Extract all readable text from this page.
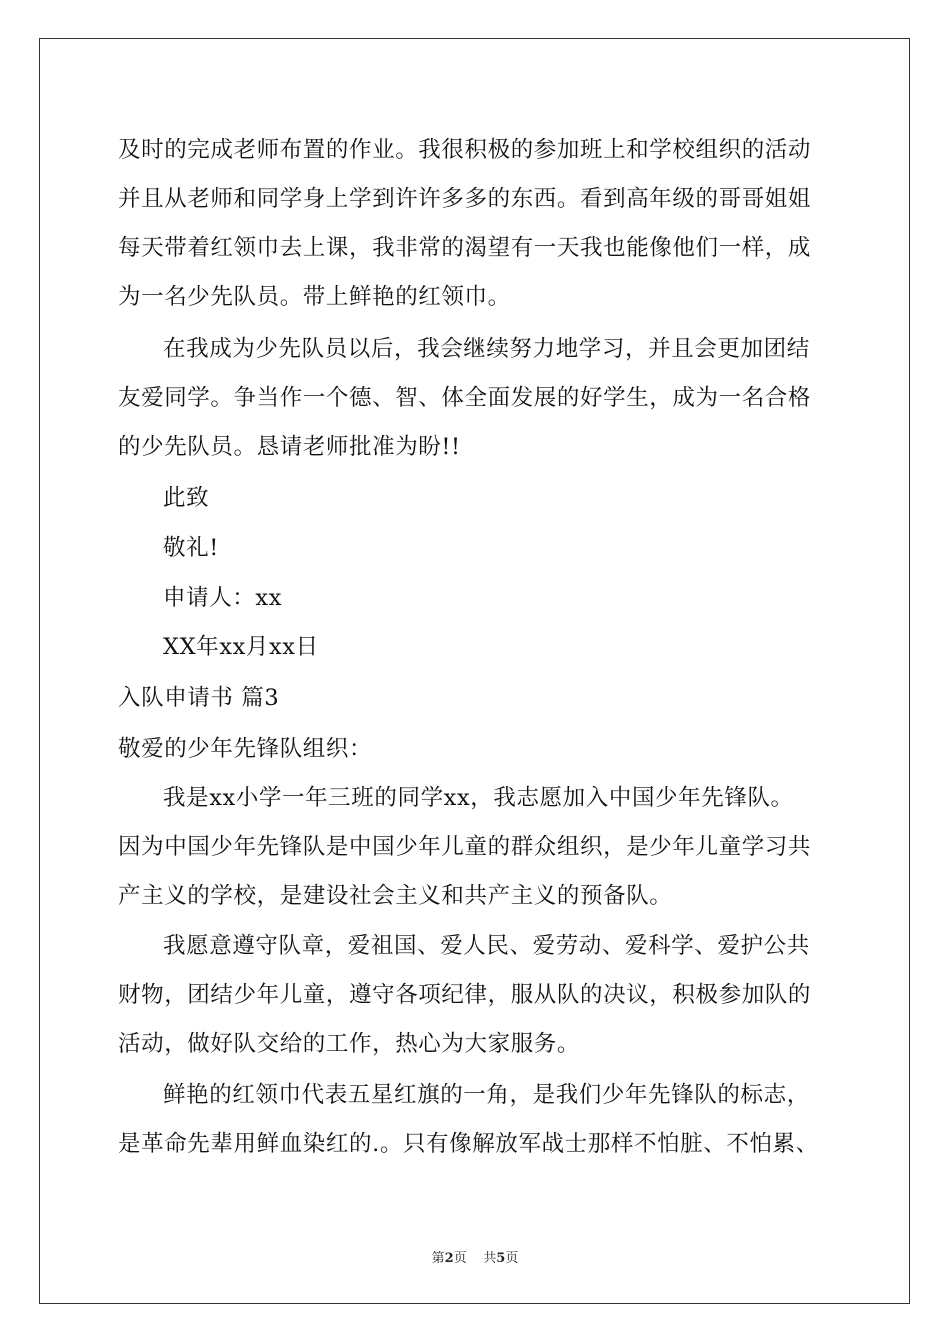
及时的完成老师布置的作业。我很积极的参加班上和学校组织的活动
并且从老师和同学身上学到许许多多的东西。看到高年级的哥哥姐姐
每天带着红领巾去上课，我非常的渴望有一天我也能像他们一样，成
为一名少先队员。带上鲜艳的红领巾。
在我成为少先队员以后，我会继续努力地学习，并且会更加团结
友爱同学。争当作一个德、智、体全面发展的好学生，成为一名合格
的少先队员。恳请老师批准为盼!!
此致
敬礼!
申请人：xx
XX年xx月xx日
入队申请书 篇3
敬爱的少年先锋队组织：
我是xx小学一年三班的同学xx，我志愿加入中国少年先锋队。
因为中国少年先锋队是中国少年儿童的群众组织，是少年儿童学习共
产主义的学校，是建设社会主义和共产主义的预备队。
我愿意遵守队章，爱祖国、爱人民、爱劳动、爱科学、爱护公共
财物，团结少年儿童，遵守各项纪律，服从队的决议，积极参加队的
活动，做好队交给的工作，热心为大家服务。
鲜艳的红领巾代表五星红旗的一角，是我们少年先锋队的标志，
是革命先辈用鲜血染红的.。只有像解放军战士那样不怕脏、不怕累、
第2页 共5页
